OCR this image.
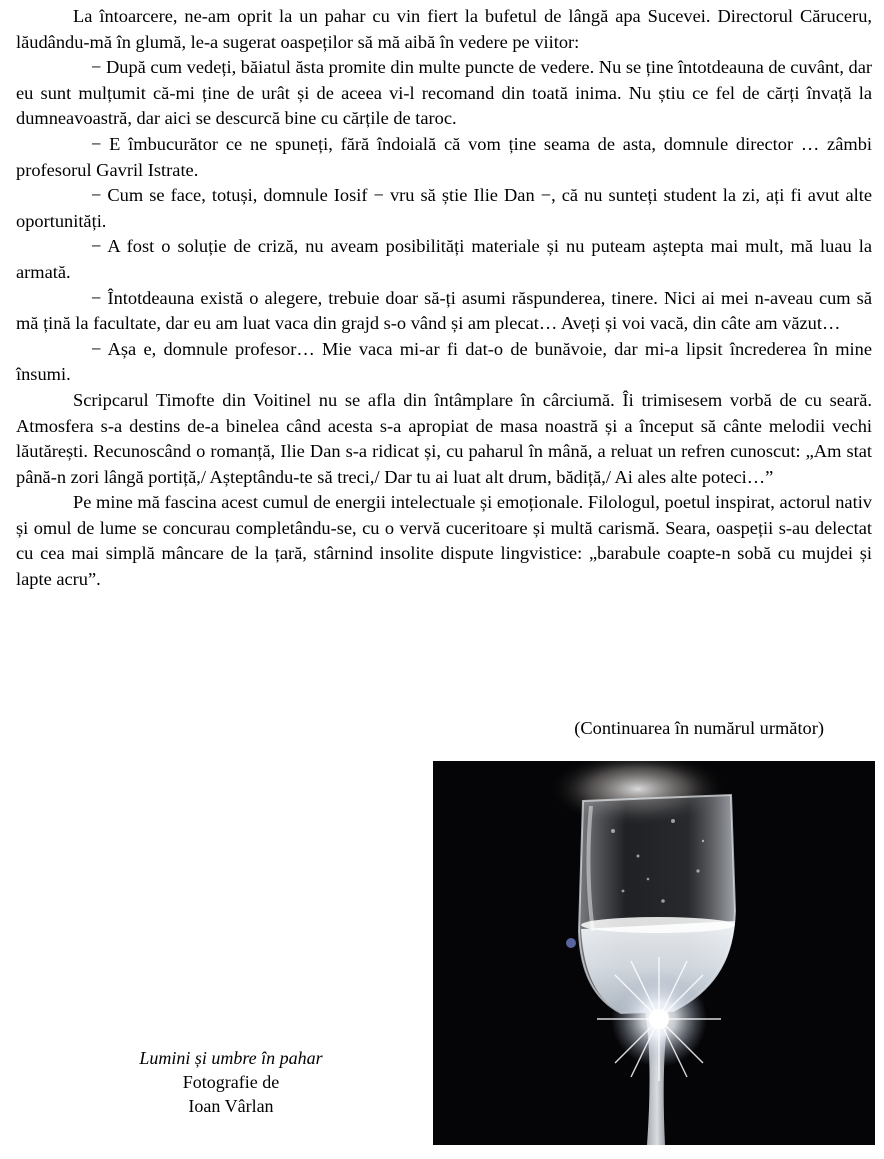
La întoarcere, ne-am oprit la un pahar cu vin fiert la bufetul de lângă apa Sucevei. Directorul Căruceru, lăudându-mă în glumă, le-a sugerat oaspeților să mă aibă în vedere pe viitor:

− După cum vedeți, băiatul ăsta promite din multe puncte de vedere. Nu se ține întotdeauna de cuvânt, dar eu sunt mulțumit că-mi ține de urât și de aceea vi-l recomand din toată inima. Nu știu ce fel de cărți învață la dumneavoastră, dar aici se descurcă bine cu cărțile de taroc.

− E îmbucurător ce ne spuneți, fără îndoială că vom ține seama de asta, domnule director … zâmbi profesorul Gavril Istrate.

− Cum se face, totuși, domnule Iosif − vru să știe Ilie Dan −, că nu sunteți student la zi, ați fi avut alte oportunități.

− A fost o soluție de criză, nu aveam posibilități materiale și nu puteam aștepta mai mult, mă luau la armată.

− Întotdeauna există o alegere, trebuie doar să-ți asumi răspunderea, tinere. Nici ai mei n-aveau cum să mă țină la facultate, dar eu am luat vaca din grajd s-o vând și am plecat… Aveți și voi vacă, din câte am văzut…

− Așa e, domnule profesor… Mie vaca mi-ar fi dat-o de bunăvoie, dar mi-a lipsit încrederea în mine însumi.

Scripcarul Timofte din Voitinel nu se afla din întâmplare în cârciumă. Îi trimisesem vorbă de cu seară. Atmosfera s-a destins de-a binelea când acesta s-a apropiat de masa noastră și a început să cânte melodii vechi lăutărești. Recunoscând o romanță, Ilie Dan s-a ridicat și, cu paharul în mână, a reluat un refren cunoscut: „Am stat până-n zori lângă portiță,/ Așteptându-te să treci,/ Dar tu ai luat alt drum, bădiță,/ Ai ales alte poteci…”

Pe mine mă fascina acest cumul de energii intelectuale și emoționale. Filologul, poetul inspirat, actorul nativ și omul de lume se concurau completându-se, cu o vervă cuceritoare și multă carismă. Seara, oaspeții s-au delectat cu cea mai simplă mâncare de la țară, stârnind insolite dispute lingvistice: „barabule coapte-n sobă cu mujdei și lapte acru”.

(Continuarea în numărul următor)
Lumini și umbre în pahar
Fotografie de
Ioan Vârlan
